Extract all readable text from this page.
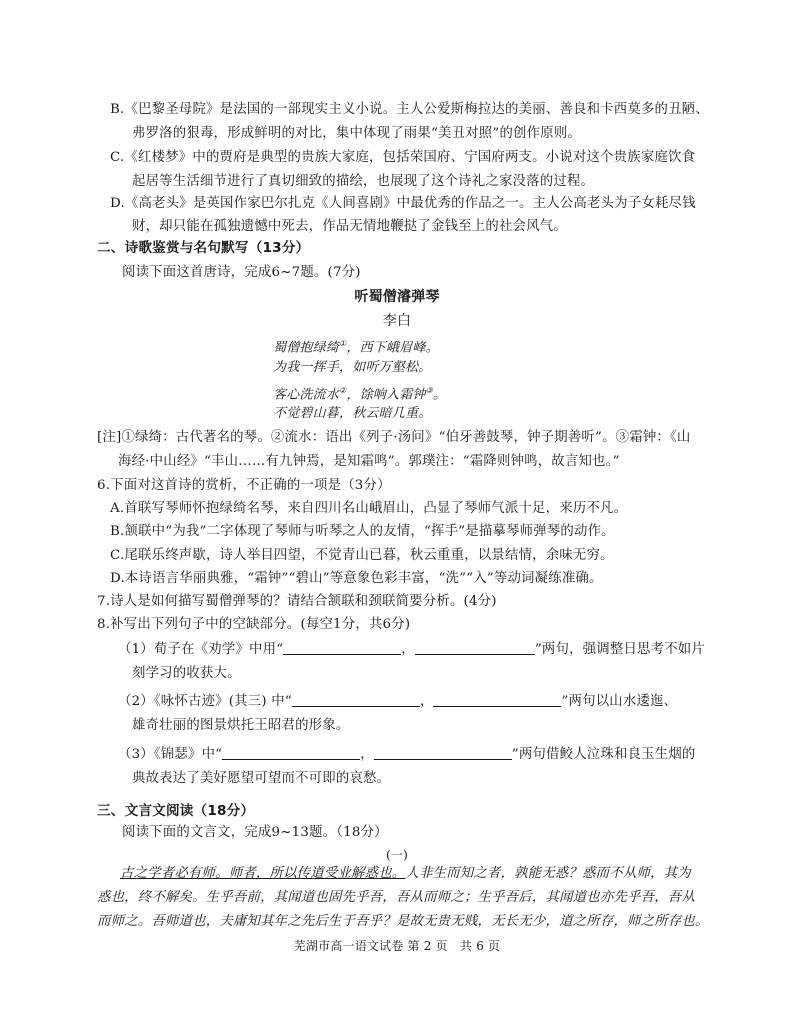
B.《巴黎圣母院》是法国的一部现实主义小说。主人公爱斯梅拉达的美丽、善良和卡西莫多的丑陋、
弗罗洛的狠毒，形成鲜明的对比，集中体现了雨果“美丑对照”的创作原则。
C.《红楼梦》中的贾府是典型的贵族大家庭，包括荣国府、宁国府两支。小说对这个贵族家庭饮食
起居等生活细节进行了真切细致的描绘，也展现了这个诗礼之家没落的过程。
D.《高老头》是英国作家巴尔扎克《人间喜剧》中最优秀的作品之一。主人公高老头为子女耗尽钱
财，却只能在孤独遗憾中死去，作品无情地鞭挞了金钱至上的社会风气。
二、诗歌鉴赏与名句默写（13分）
阅读下面这首唐诗，完成6~7题。(7分)
听蜀僧濬弹琴
李白
蜀僧抱绿绮①，西下峨眉峰。
为我一挥手，如听万壑松。
客心洗流水②，馀响入霜钟③。
不觉碧山暮，秋云暗几重。
[注]①绿绮：古代著名的琴。②流水：语出《列子·汤问》“伯牙善鼓琴，钟子期善听”。③霜钟：《山
海经·中山经》“丰山……有九钟焉，是知霜鸣”。郭璞注：“霜降则钟鸣，故言知也。”
6.下面对这首诗的赏析，不正确的一项是（3分）
A.首联写琴师怀抱绿绮名琴，来自四川名山峨眉山，凸显了琴师气派十足，来历不凡。
B.颔联中“为我”二字体现了琴师与听琴之人的友情，“挥手”是描摹琴师弹琴的动作。
C.尾联乐终声歇，诗人举目四望，不觉青山已暮，秋云重重，以景结情，余味无穷。
D.本诗语言华丽典雅，“霜钟”“碧山”等意象色彩丰富，“洗”“入”等动词凝练准确。
7.诗人是如何描写蜀僧弹琴的？请结合颔联和颈联简要分析。(4分)
8.补写出下列句子中的空缺部分。(每空1分，共6分)
（1）荀子在《劝学》中用“	，	”两句，强调整日思考不如片
刻学习的收获大。
（2）《咏怀古迹》(其三) 中“	，	”两句以山水逶迤、
雄奇壮丽的图景烘托王昭君的形象。
（3）《锦瑟》中“	，	”两句借鲛人泣珠和良玉生烟的
典故表达了美好愿望可望而不可即的哀愁。
三、文言文阅读（18分）
阅读下面的文言文，完成9~13题。（18分）
(一)
古之学者必有师。师者，所以传道受业解惑也。人非生而知之者，孰能无惑？惑而不从师，其为
惑也，终不解矣。生乎吾前，其闻道也固先乎吾，吾从而师之；生乎吾后，其闻道也亦先乎吾，吾从
而师之。吾师道也，夫庸知其年之先后生于吾乎？是故无贵无贱，无长无少，道之所存，师之所存也。
芜湖市高一语文试卷 第 2 页　共 6 页
